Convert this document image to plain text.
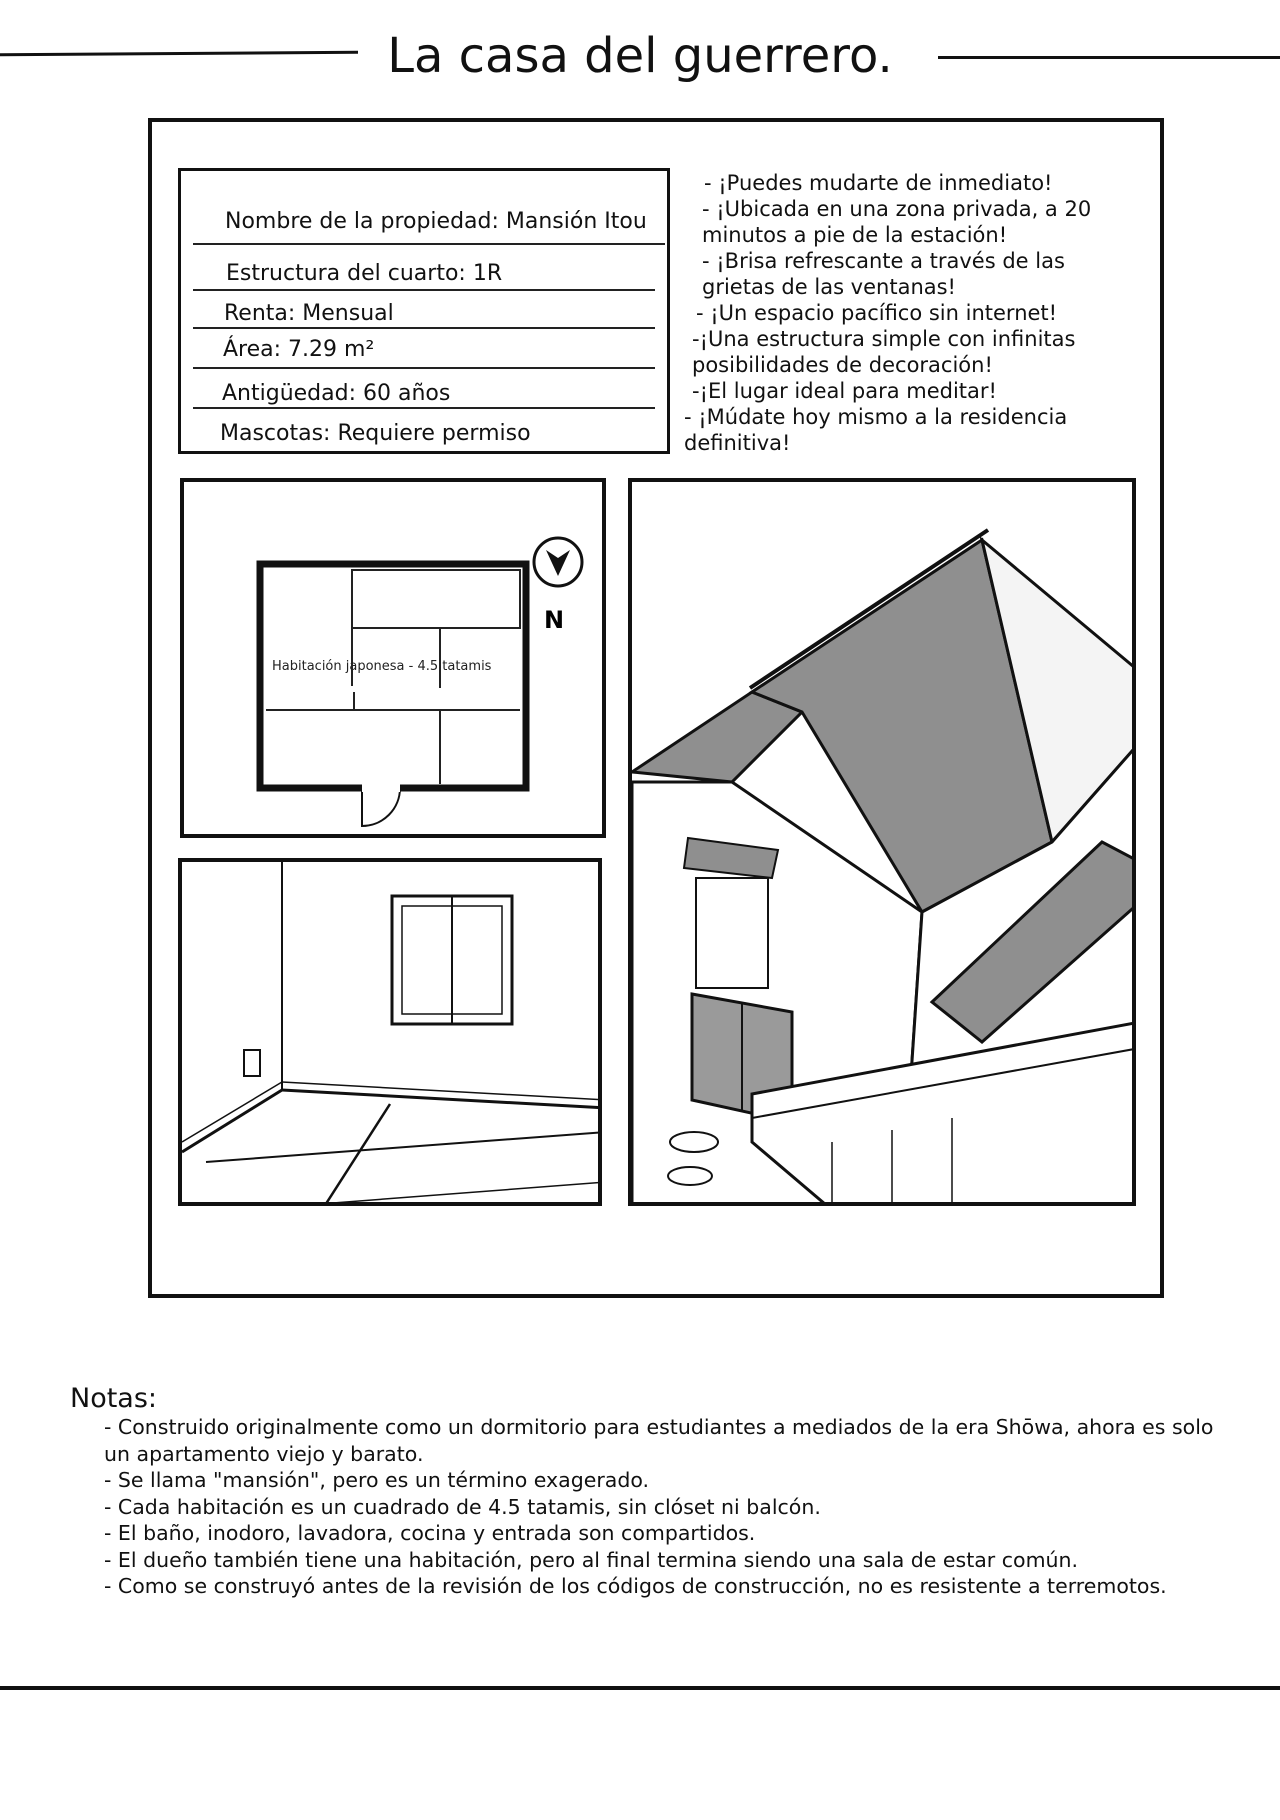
La casa del guerrero.
Nombre de la propiedad: Mansión Itou
Estructura del cuarto: 1R
Renta: Mensual
Área: 7.29 m²
Antigüedad: 60 años
Mascotas: Requiere permiso
- ¡Puedes mudarte de inmediato!
- ¡Ubicada en una zona privada, a 20 minutos a pie de la estación!
- ¡Brisa refrescante a través de las grietas de las ventanas!
- ¡Un espacio pacífico sin internet!
-¡Una estructura simple con infinitas posibilidades de decoración!
-¡El lugar ideal para meditar!
- ¡Múdate hoy mismo a la residencia definitiva!
N
Habitación japonesa - 4.5 tatamis
Notas:
- Construido originalmente como un dormitorio para estudiantes a mediados de la era Shōwa, ahora es solo un apartamento viejo y barato.
- Se llama "mansión", pero es un término exagerado.
- Cada habitación es un cuadrado de 4.5 tatamis, sin clóset ni balcón.
- El baño, inodoro, lavadora, cocina y entrada son compartidos.
- El dueño también tiene una habitación, pero al final termina siendo una sala de estar común.
- Como se construyó antes de la revisión de los códigos de construcción, no es resistente a terremotos.
